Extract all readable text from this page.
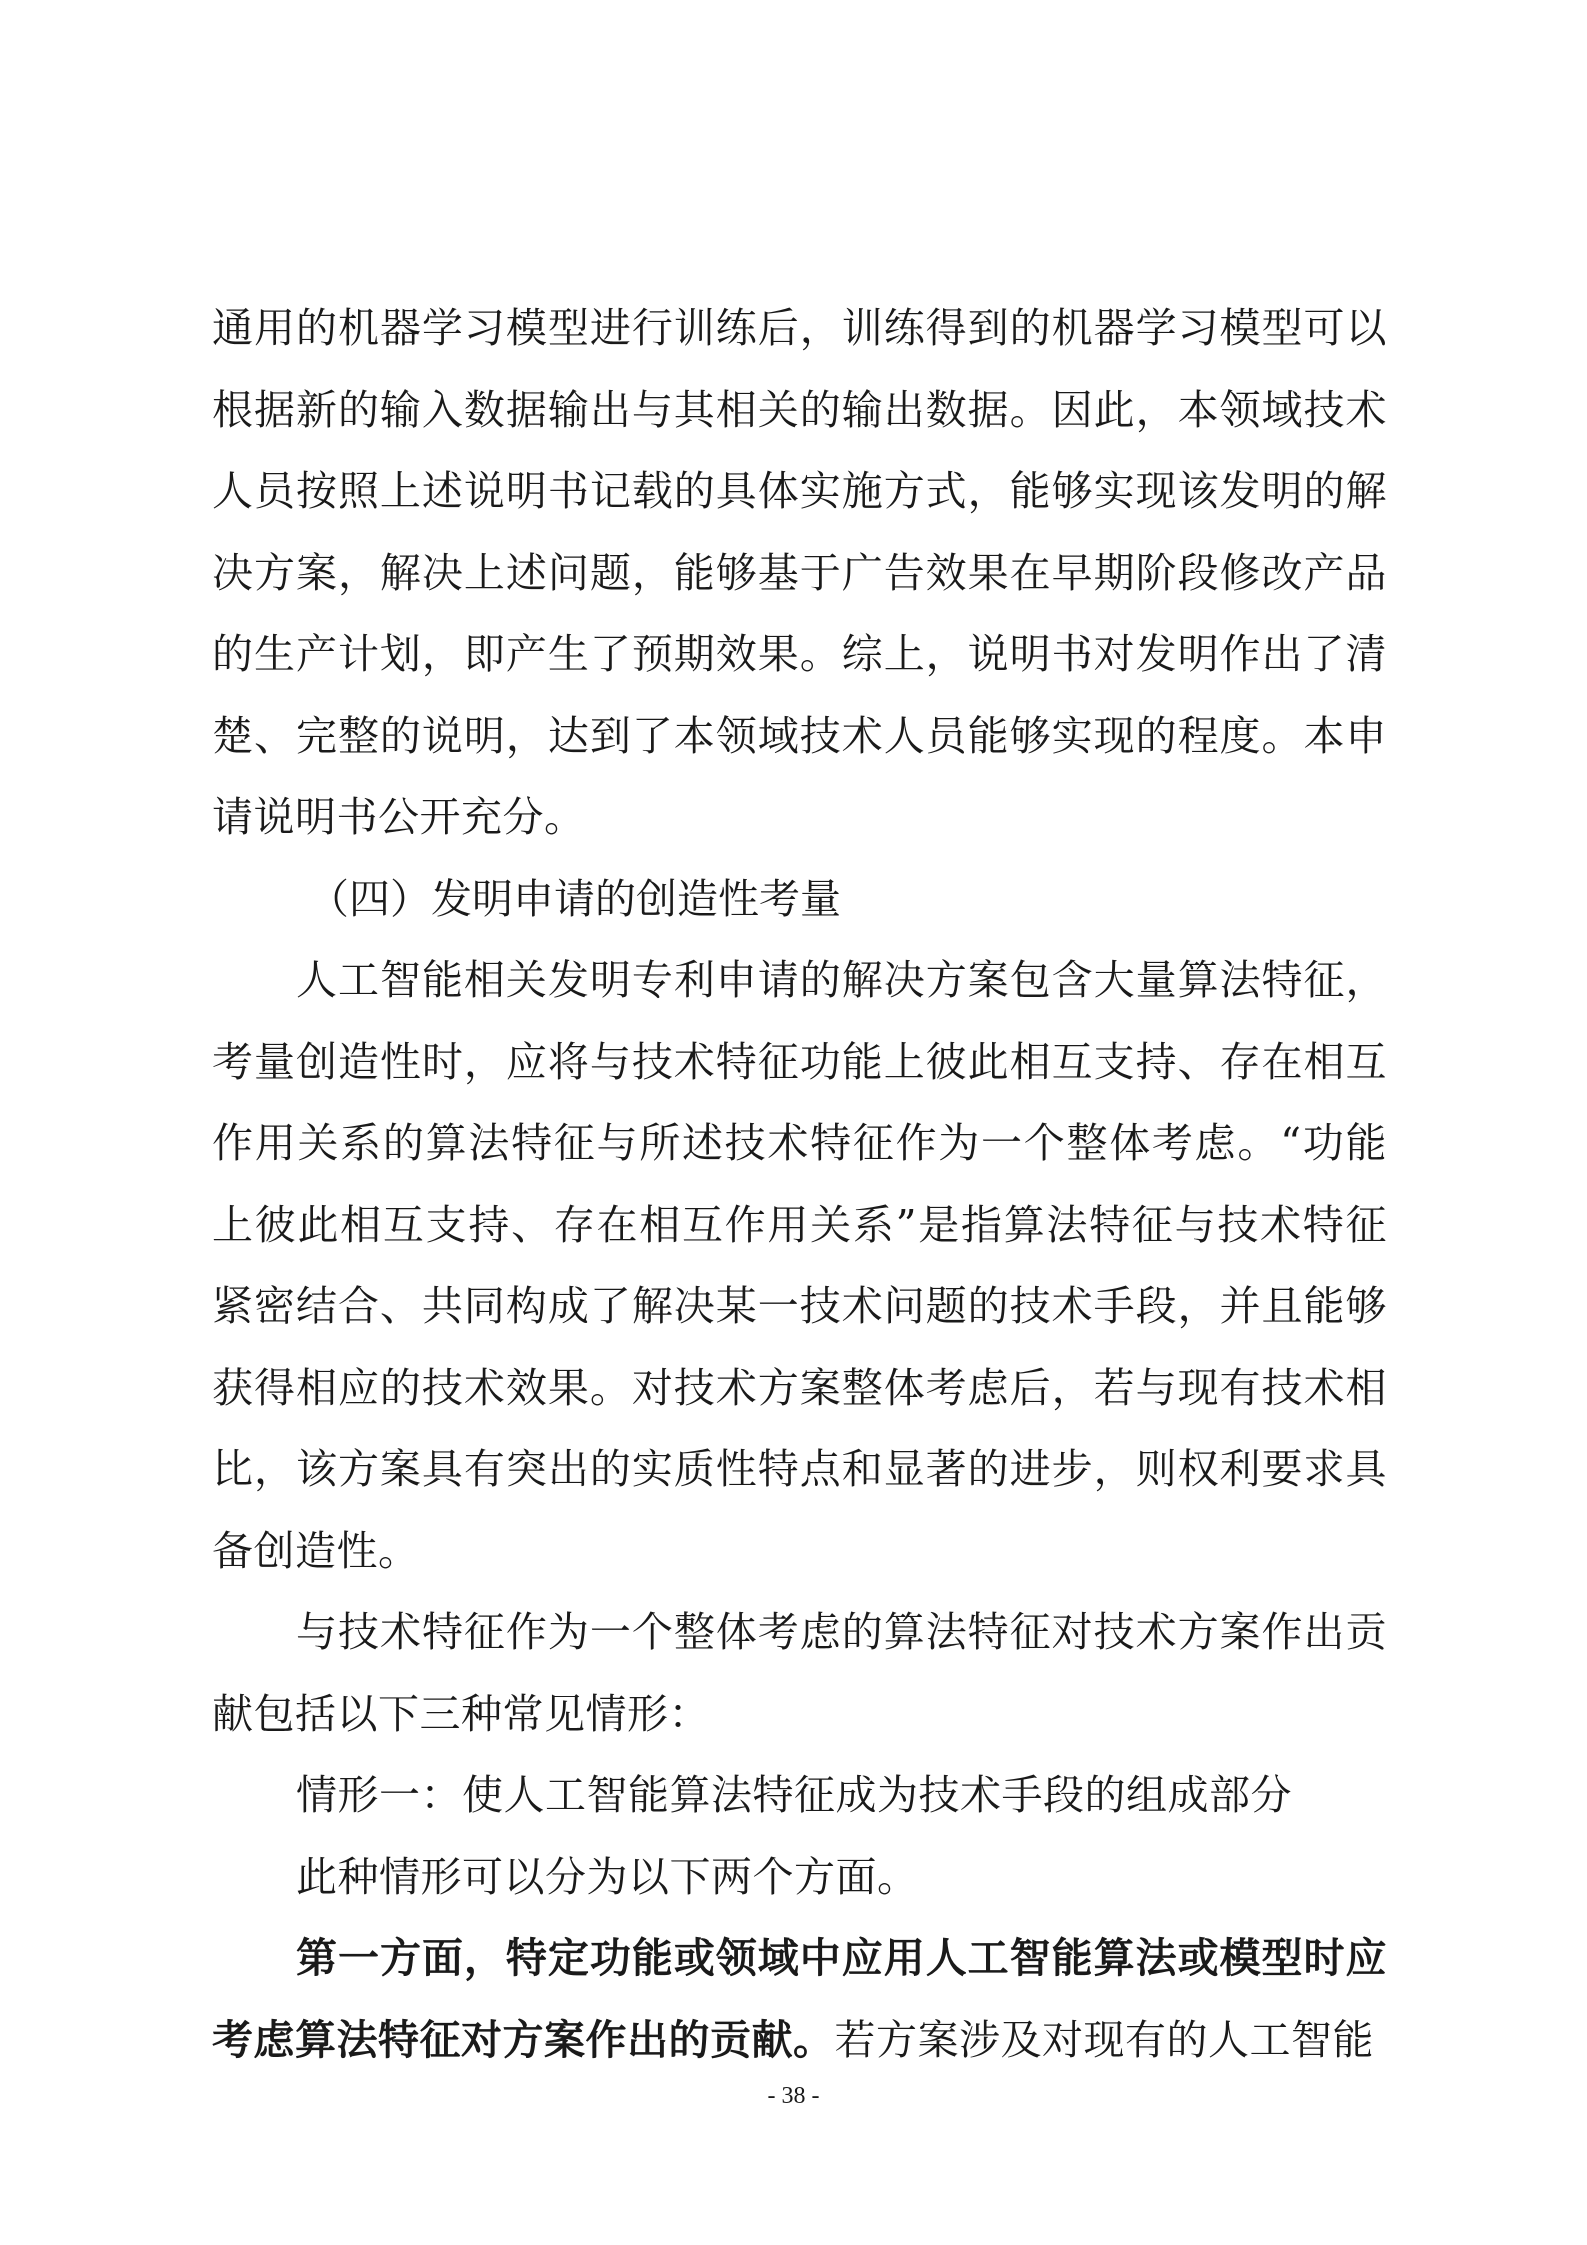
通用的机器学习模型进行训练后，训练得到的机器学习模型可以根据新的输入数据输出与其相关的输出数据。因此，本领域技术人员按照上述说明书记载的具体实施方式，能够实现该发明的解决方案，解决上述问题，能够基于广告效果在早期阶段修改产品的生产计划，即产生了预期效果。综上，说明书对发明作出了清楚、完整的说明，达到了本领域技术人员能够实现的程度。本申请说明书公开充分。

（四）发明申请的创造性考量

人工智能相关发明专利申请的解决方案包含大量算法特征，考量创造性时，应将与技术特征功能上彼此相互支持、存在相互作用关系的算法特征与所述技术特征作为一个整体考虑。“功能上彼此相互支持、存在相互作用关系”是指算法特征与技术特征紧密结合、共同构成了解决某一技术问题的技术手段，并且能够获得相应的技术效果。对技术方案整体考虑后，若与现有技术相比，该方案具有突出的实质性特点和显著的进步，则权利要求具备创造性。

与技术特征作为一个整体考虑的算法特征对技术方案作出贡献包括以下三种常见情形：

情形一：使人工智能算法特征成为技术手段的组成部分

此种情形可以分为以下两个方面。

第一方面，特定功能或领域中应用人工智能算法或模型时应考虑算法特征对方案作出的贡献。若方案涉及对现有的人工智能

- 38 -
